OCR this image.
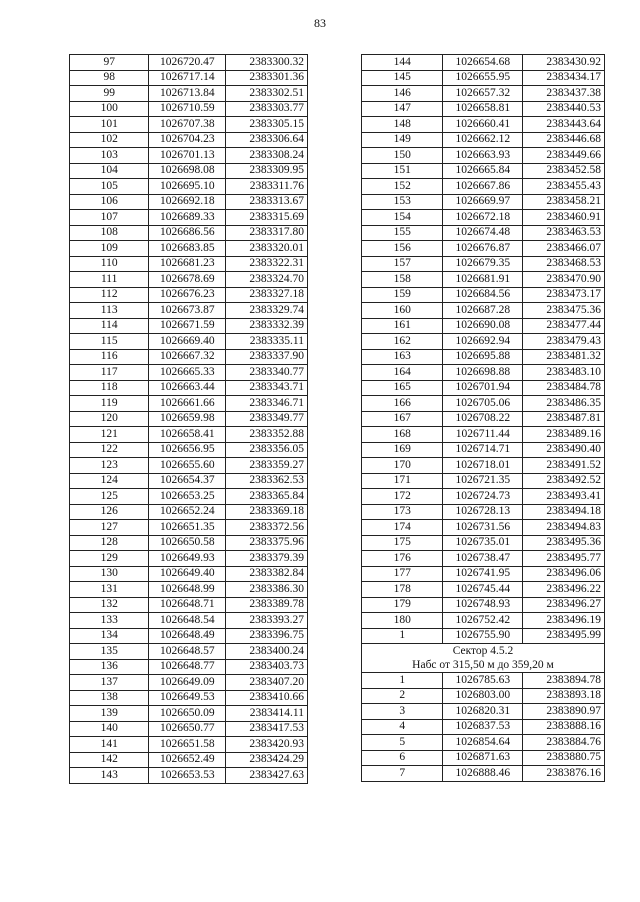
83
97	1026720.47	2383300.32
98	1026717.14	2383301.36
99	1026713.84	2383302.51
100	1026710.59	2383303.77
101	1026707.38	2383305.15
102	1026704.23	2383306.64
103	1026701.13	2383308.24
104	1026698.08	2383309.95
105	1026695.10	2383311.76
106	1026692.18	2383313.67
107	1026689.33	2383315.69
108	1026686.56	2383317.80
109	1026683.85	2383320.01
110	1026681.23	2383322.31
111	1026678.69	2383324.70
112	1026676.23	2383327.18
113	1026673.87	2383329.74
114	1026671.59	2383332.39
115	1026669.40	2383335.11
116	1026667.32	2383337.90
117	1026665.33	2383340.77
118	1026663.44	2383343.71
119	1026661.66	2383346.71
120	1026659.98	2383349.77
121	1026658.41	2383352.88
122	1026656.95	2383356.05
123	1026655.60	2383359.27
124	1026654.37	2383362.53
125	1026653.25	2383365.84
126	1026652.24	2383369.18
127	1026651.35	2383372.56
128	1026650.58	2383375.96
129	1026649.93	2383379.39
130	1026649.40	2383382.84
131	1026648.99	2383386.30
132	1026648.71	2383389.78
133	1026648.54	2383393.27
134	1026648.49	2383396.75
135	1026648.57	2383400.24
136	1026648.77	2383403.73
137	1026649.09	2383407.20
138	1026649.53	2383410.66
139	1026650.09	2383414.11
140	1026650.77	2383417.53
141	1026651.58	2383420.93
142	1026652.49	2383424.29
143	1026653.53	2383427.63
144	1026654.68	2383430.92
145	1026655.95	2383434.17
146	1026657.32	2383437.38
147	1026658.81	2383440.53
148	1026660.41	2383443.64
149	1026662.12	2383446.68
150	1026663.93	2383449.66
151	1026665.84	2383452.58
152	1026667.86	2383455.43
153	1026669.97	2383458.21
154	1026672.18	2383460.91
155	1026674.48	2383463.53
156	1026676.87	2383466.07
157	1026679.35	2383468.53
158	1026681.91	2383470.90
159	1026684.56	2383473.17
160	1026687.28	2383475.36
161	1026690.08	2383477.44
162	1026692.94	2383479.43
163	1026695.88	2383481.32
164	1026698.88	2383483.10
165	1026701.94	2383484.78
166	1026705.06	2383486.35
167	1026708.22	2383487.81
168	1026711.44	2383489.16
169	1026714.71	2383490.40
170	1026718.01	2383491.52
171	1026721.35	2383492.52
172	1026724.73	2383493.41
173	1026728.13	2383494.18
174	1026731.56	2383494.83
175	1026735.01	2383495.36
176	1026738.47	2383495.77
177	1026741.95	2383496.06
178	1026745.44	2383496.22
179	1026748.93	2383496.27
180	1026752.42	2383496.19
1	1026755.90	2383495.99

Сектор 4.5.2
Набс от 315,50 м до 359,20 м		

1	1026785.63	2383894.78
2	1026803.00	2383893.18
3	1026820.31	2383890.97
4	1026837.53	2383888.16
5	1026854.64	2383884.76
6	1026871.63	2383880.75
7	1026888.46	2383876.16
